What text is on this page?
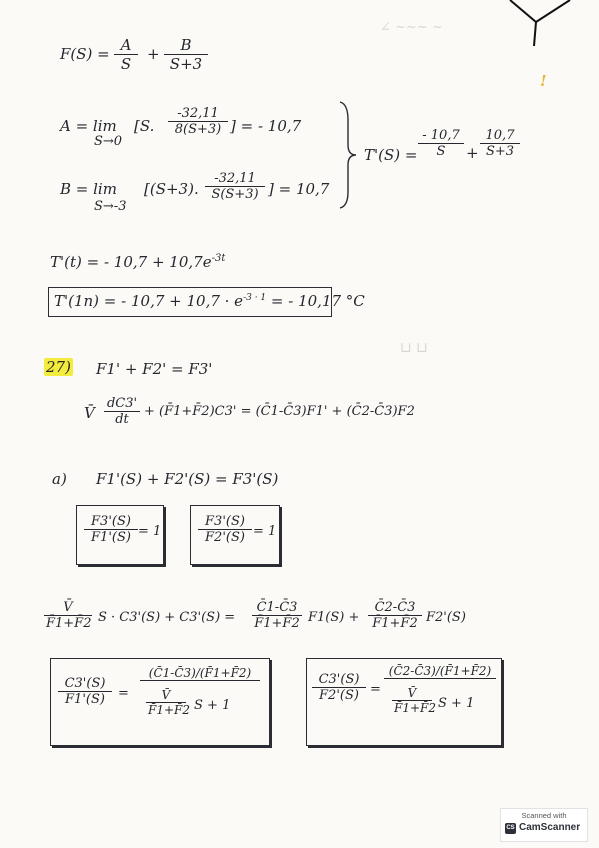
∠ ~~~ ~
⊔ ⊔
~ ~ ~
!
$F(S) = \frac{A}{S} + \frac{B}{S+3}$
A = lim
S→0
[S. $\frac{-32,11}{8(S+3)}$ ] = - 10,7
B = lim
S→-3
[(S+3). $\frac{-32,11}{S(S+3)}$ ] = 10,7
$T'(S) = \frac{- 10,7}{S} + \frac{10,7}{S+3}$
T'(t) = - $10,7 + 10,7e^{-3t}$
T'(1n) = - $10,7 + 10,7 \cdot e^{-3 \cdot 1}$ = - 10,17 °C
27) F1' + F2' = F3'
V̄ $\frac{dC3'}{dt}$ + (F̄1+F̄2)C3' = (C̄1-C̄3)F1' + (C̄2-C̄3)F2
a) F1'(S) + F2'(S) = F3'(S)
$\frac{F3'(S)}{F1'(S)} = 1$	$\frac{F3'(S)}{F2'(S)} = 1$
$\frac{V̄}{F̄1+F̄2}$ $S \cdot C3'(S) + C3'(S) = \frac{C̄1-C̄3}{F̄1+F̄2} F1(S) + \frac{C̄2-C̄3}{F̄1+F̄2} F2'(S)$
$\frac{C3'(S)}{F1'(S)}$ =
(C̄1-C̄3)/(F̄1+F̄2)
$\frac{V̄}{F̄1+F̄2}$ S + 1
$\frac{C3'(S)}{F2'(S)}$ =
(C̄2-C̄3)/(F̄1+F̄2)
$\frac{V̄}{F̄1+F̄2}$ S + 1
Scanned with
CS CamScanner
